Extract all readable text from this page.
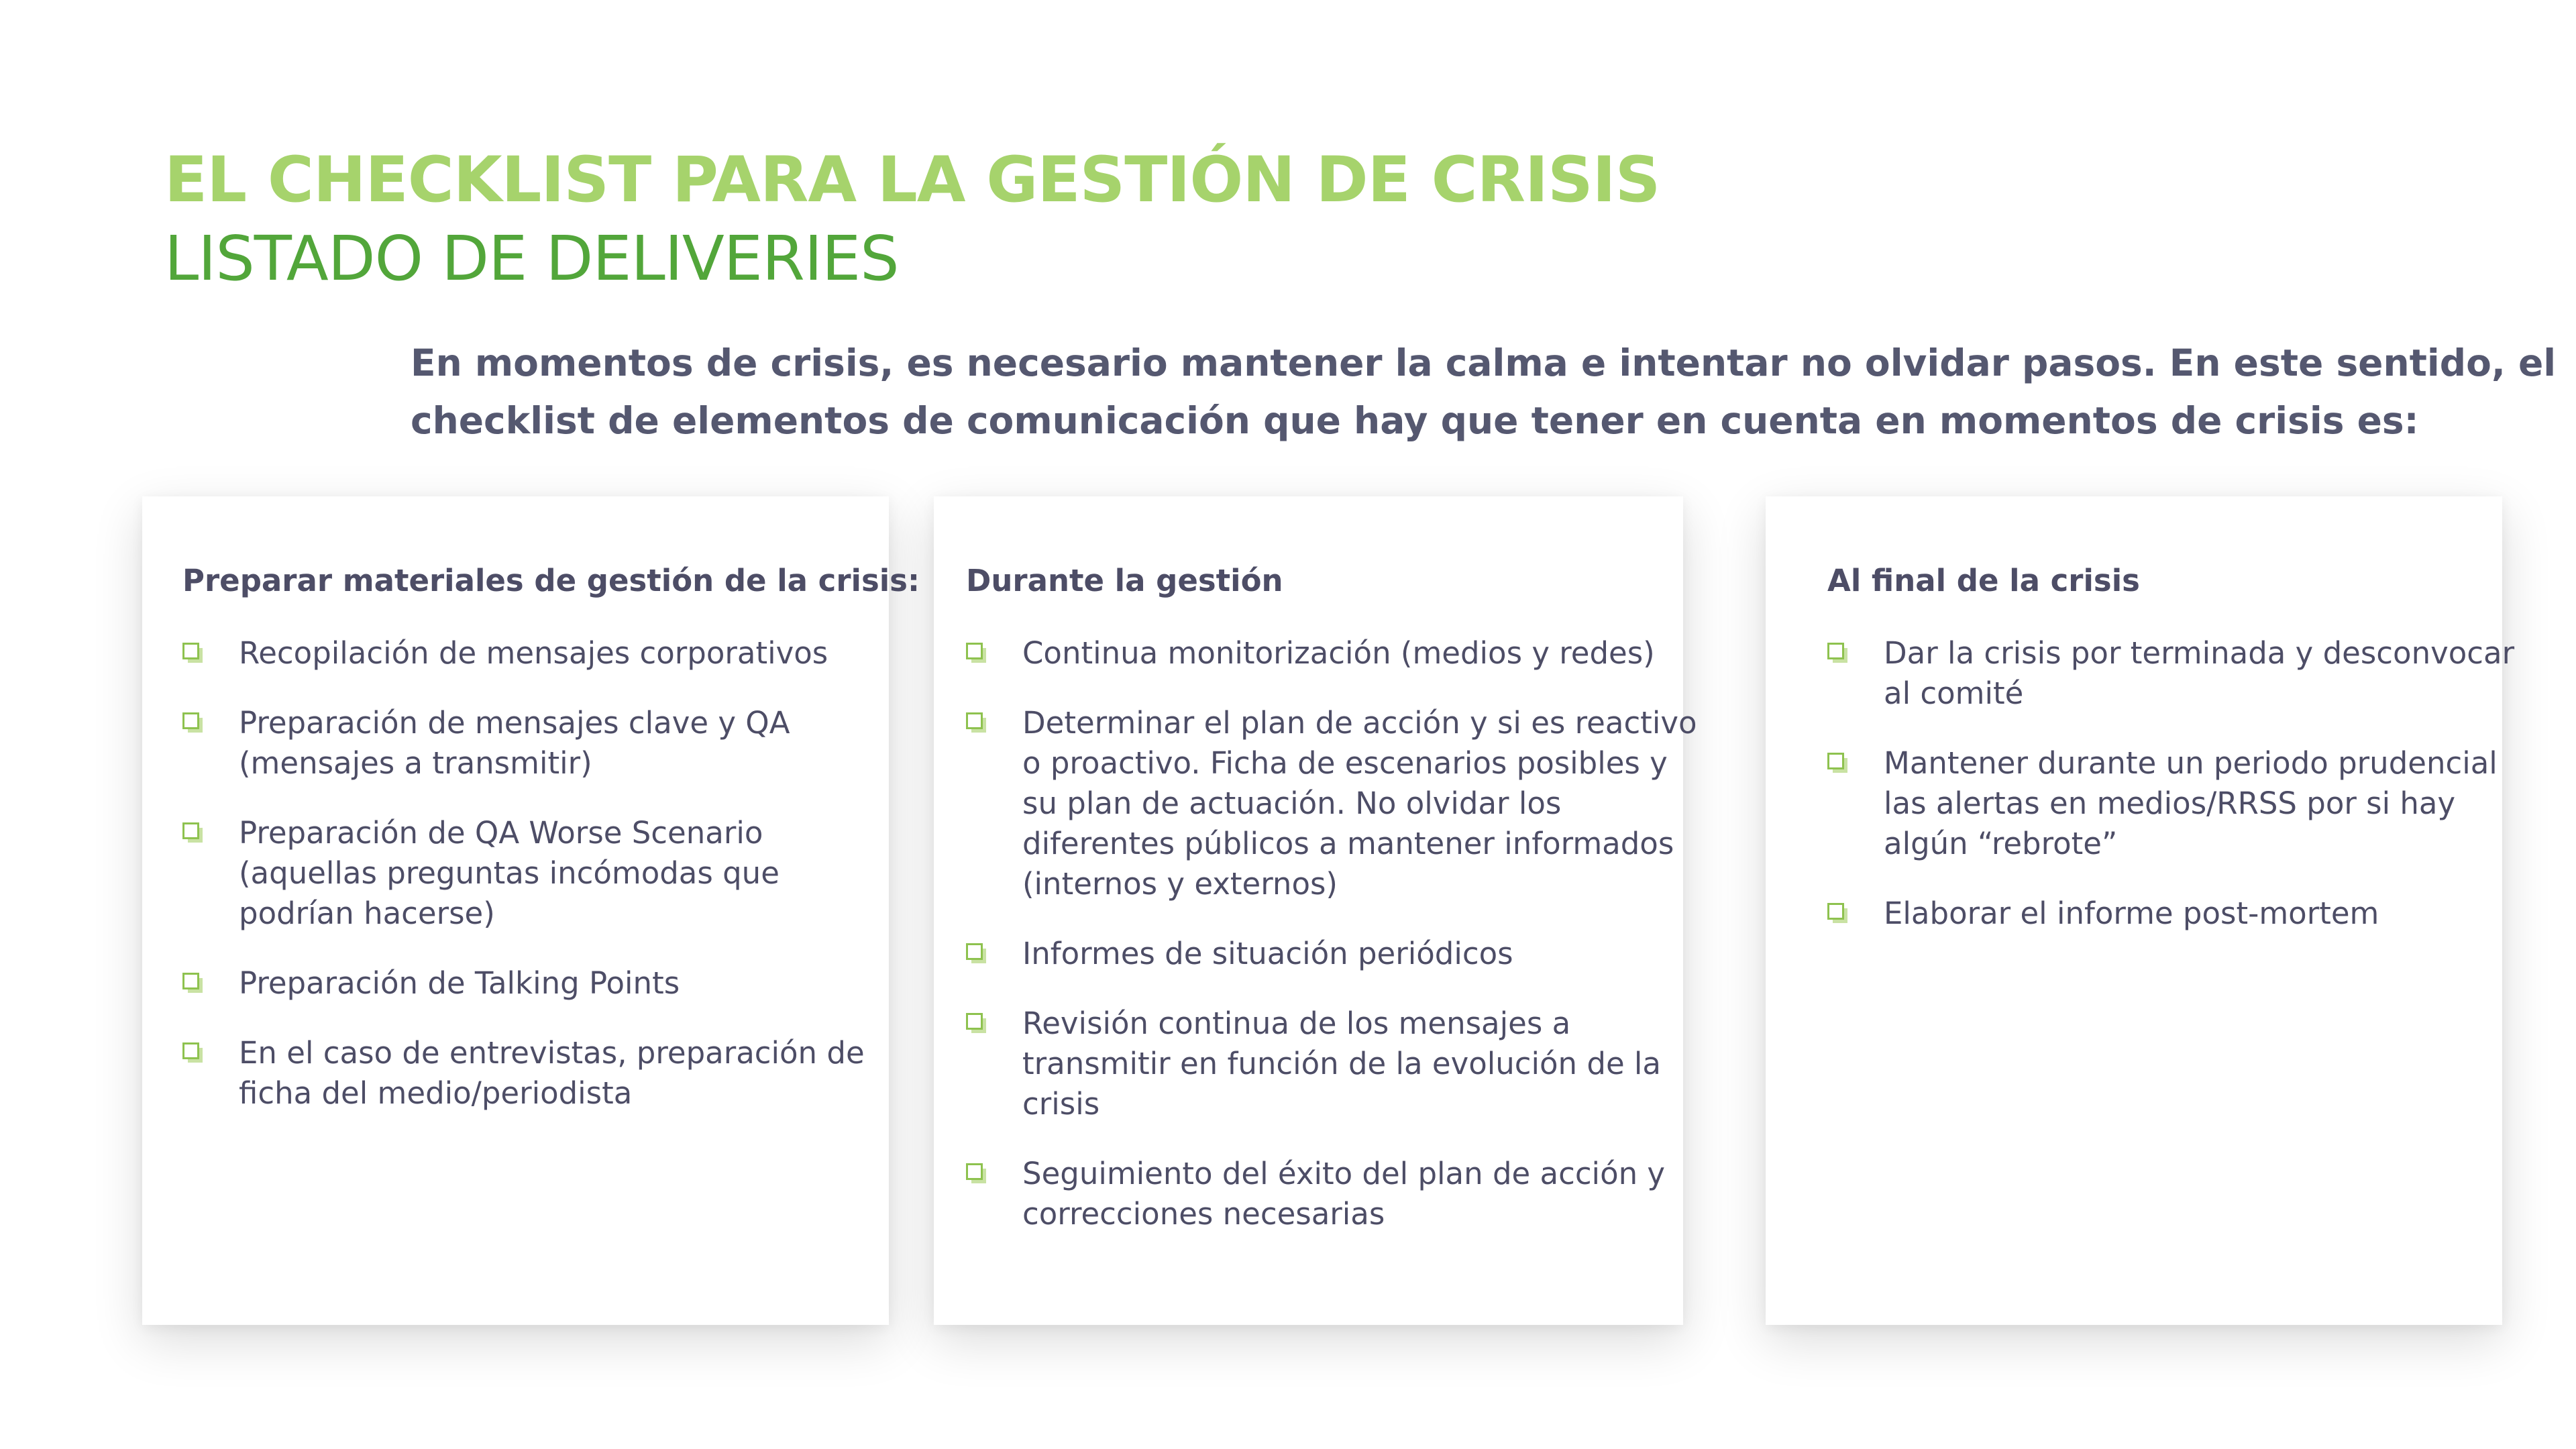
EL CHECKLIST PARA LA GESTIÓN DE CRISIS
LISTADO DE DELIVERIES

En momentos de crisis, es necesario mantener la calma e intentar no olvidar pasos. En este sentido, el
checklist de elementos de comunicación que hay que tener en cuenta en momentos de crisis es:

Preparar materiales de gestión de la crisis:
Recopilación de mensajes corporativos
Preparación de mensajes clave y QA
(mensajes a transmitir)
Preparación de QA Worse Scenario
(aquellas preguntas incómodas que
podrían hacerse)
Preparación de Talking Points
En el caso de entrevistas, preparación de
ficha del medio/periodista
Durante la gestión
Continua monitorización (medios y redes)
Determinar el plan de acción y si es reactivo
o proactivo. Ficha de escenarios posibles y
su plan de actuación. No olvidar los
diferentes públicos a mantener informados
(internos y externos)
Informes de situación periódicos
Revisión continua de los mensajes a
transmitir en función de la evolución de la
crisis
Seguimiento del éxito del plan de acción y
correcciones necesarias
Al final de la crisis
Dar la crisis por terminada y desconvocar
al comité
Mantener durante un periodo prudencial
las alertas en medios/RRSS por si hay
algún “rebrote”
Elaborar el informe post-mortem
